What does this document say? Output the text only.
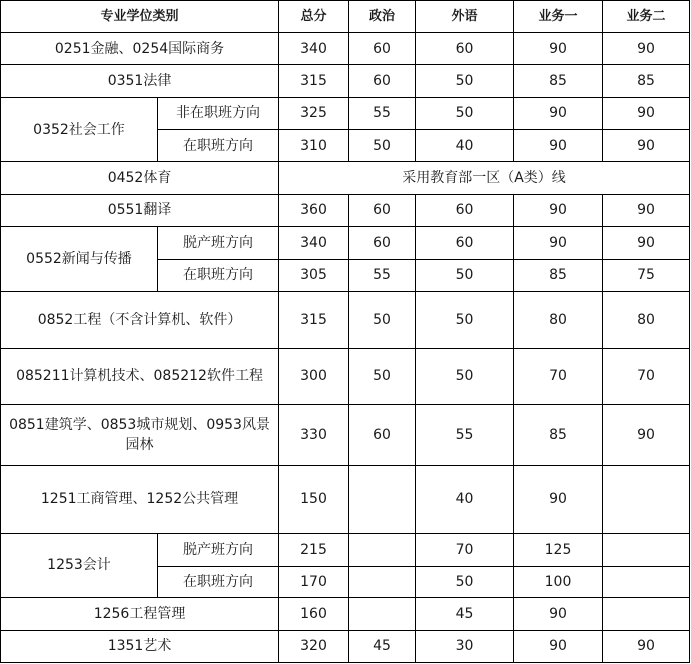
专业学位类别		总分	政治	外语	业务一	业务二
0251金融、0254国际商务		340	60	60	90	90
0351法律		315	60	50	85	85
0352社会工作	非在职班方向	325	55	50	90	90
	在职班方向	310	50	40	90	90
0452体育		采用教育部一区（A类）线				
0551翻译		360	60	60	90	90
0552新闻与传播	脱产班方向	340	60	60	90	90
	在职班方向	305	55	50	85	75
0852工程（不含计算机、软件）		315	50	50	80	80
085211计算机技术、085212软件工程		300	50	50	70	70
0851建筑学、0853城市规划、0953风景园林		330	60	55	85	90
1251工商管理、1252公共管理		150		40	90	
1253会计	脱产班方向	215		70	125	
	在职班方向	170		50	100	
1256工程管理		160		45	90	
1351艺术		320	45	30	90	90
